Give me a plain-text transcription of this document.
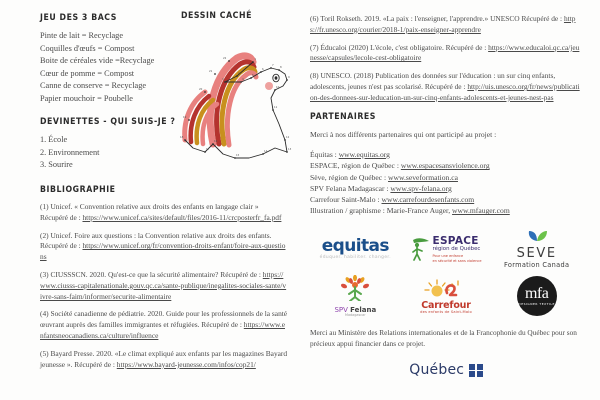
JEU DES 3 BACS
Pinte de lait = Recyclage
Coquilles d'œufs = Compost
Boite de céréales vide =Recyclage
Cœur de pomme = Compost
Canne de conserve = Recyclage
Papier mouchoir = Poubelle
DEVINETTES - QUI SUIS-JE ?
1. École
2. Environnement
3. Sourire
BIBLIOGRAPHIE

(1) Unicef. « Convention relative aux droits des enfants en langage clair » Récupéré de : https://www.unicef.ca/sites/default/files/2016-11/crcposterfr_fa.pdf

(2) Unicef. Foire aux questions : la Convention relative aux droits des enfants. Récupéré de : https://www.unicef.org/fr/convention-droits-enfant/foire-aux-questions

(3) CIUSSSCN. 2020. Qu'est-ce que la sécurité alimentaire? Récupéré de : https://www.ciusss-capitalenationale.gouv.qc.ca/sante-publique/inegalites-sociales-sante/vivre-sans-faim/informer/securite-alimentaire

(4) Société canadienne de pédiatrie. 2020. Guide pour les professionnels de la santé œuvrant auprès des familles immigrantes et réfugiées. Récupéré de : https://www.enfantsneocanadiens.ca/culture/influence

(5) Bayard Presse. 2020. «Le climat expliqué aux enfants par les magazines Bayard jeunesse ». Récupéré de : https://www.bayard-jeunesse.com/infos/cop21/

DESSIN CACHÉ
1
2
3	4
5
6
7
8
9
10
11
12
13
14
15
16
17
18
19
20
21
22

(6) Toril Rokseth. 2019. «La paix : l'enseigner, l'apprendre.» UNESCO Récupéré de : https://fr.unesco.org/courier/2018-1/paix-enseigner-apprendre

(7) Éducaloi (2020) L'école, c'est obligatoire. Récupéré de : https://www.educaloi.qc.ca/jeunesse/capsules/lecole-cest-obligatoire

(8) UNESCO. (2018) Publication des données sur l'éducation : un sur cinq enfants, adolescents, jeunes n'est pas scolarisé. Récupéré de : http://uis.unesco.org/fr/news/publication-des-donnees-sur-leducation-un-sur-cinq-enfants-adolescents-et-jeunes-nest-pas

PARTENAIRES

Merci à nos différents partenaires qui ont participé au projet :

Équitas : www.equitas.org
ESPACE, région de Québec : www.espacesansviolence.org
Sève, région de Québec : www.seveformation.ca
SPV Felana Madagascar : www.spv-felana.org
Carrefour Saint-Malo : www.carrefourdesenfants.com
Illustration / graphisme : Marie-France Auger, www.mfauger.com
equitas
éduquer. habiliter. changer.
ESPACE
région de Québec
Pour une enfance
en sécurité et sans violence	SEVE
Formation Canada
SPV Felana
Madagascar
Carrefour
des enfants de Saint-Malo
mfa
DESIGNER TEXTILE

Merci au Ministère des Relations internationales et de la Francophonie du Québec pour son précieux appui financier dans ce projet.

Québec
